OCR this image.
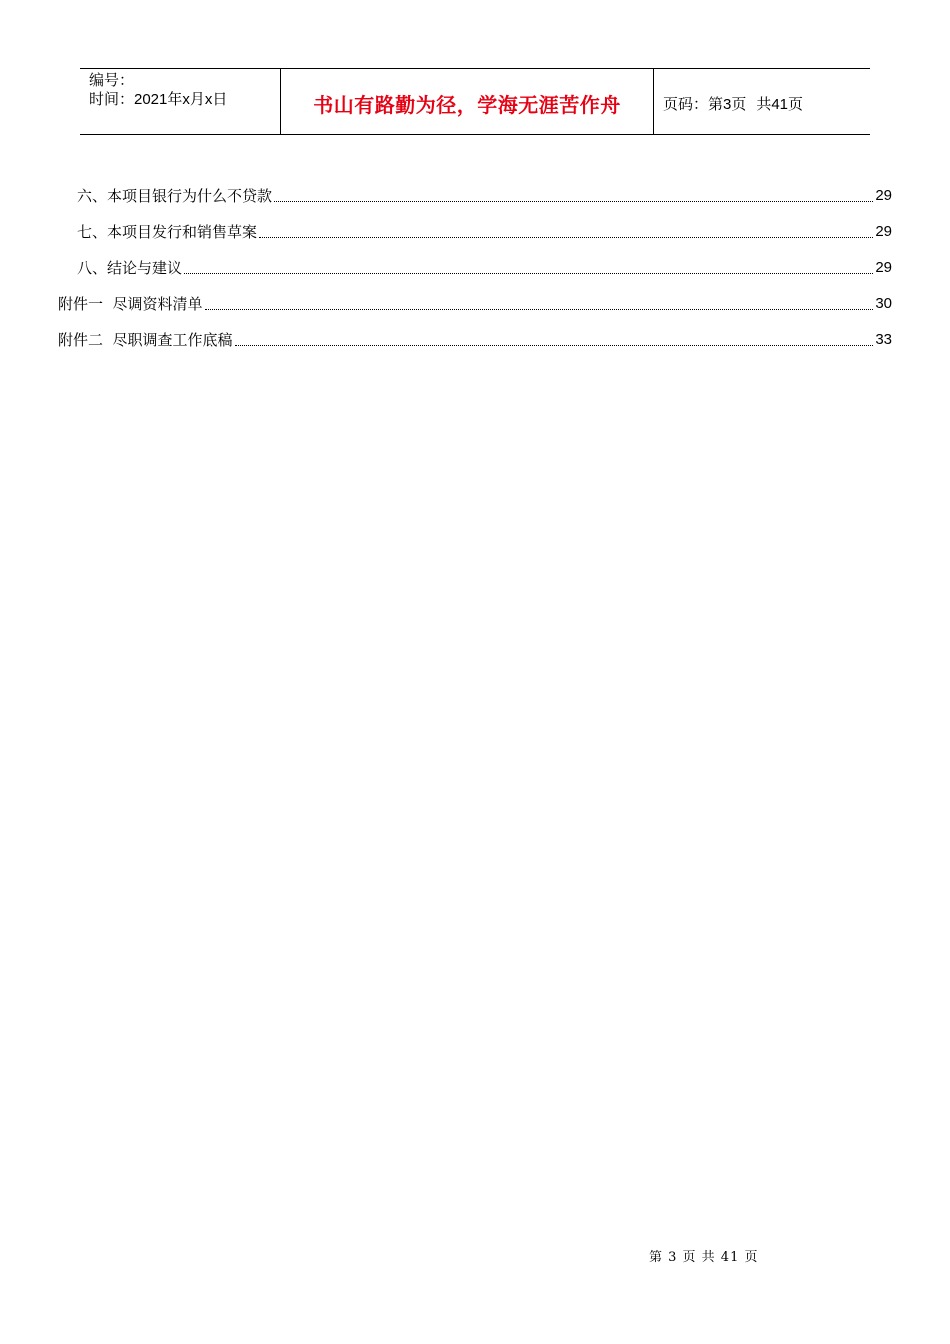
编号：
时间：2021年x月x日	书山有路勤为径，学海无涯苦作舟	页码：第3页 共41页
六、本项目银行为什么不贷款	29
七、本项目发行和销售草案	29
八、结论与建议	29
附件一  尽调资料清单	30
附件二  尽职调查工作底稿	33
第 3 页 共 41 页
